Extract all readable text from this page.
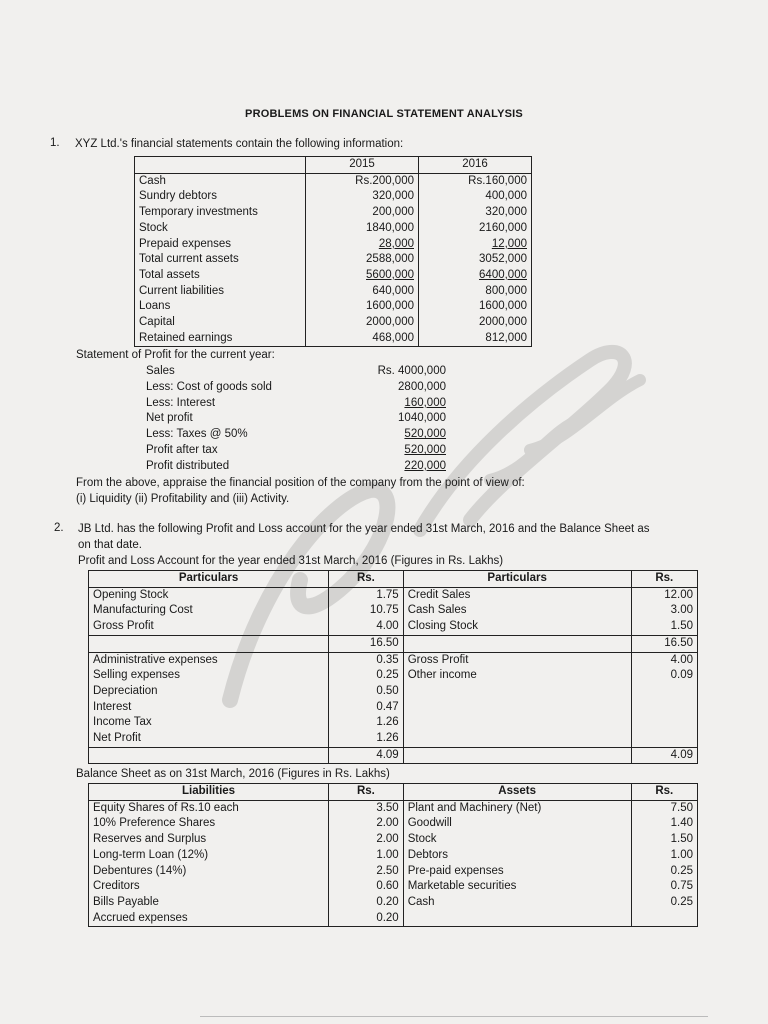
PROBLEMS ON FINANCIAL STATEMENT ANALYSIS
1. XYZ Ltd.'s financial statements contain the following information:
	2015	2016
Cash	Rs.200,000	Rs.160,000
Sundry debtors	320,000	400,000
Temporary investments	200,000	320,000
Stock	1840,000	2160,000
Prepaid expenses	28,000	12,000
Total current assets	2588,000	3052,000
Total assets	5600,000	6400,000
Current liabilities	640,000	800,000
Loans	1600,000	1600,000
Capital	2000,000	2000,000
Retained earnings	468,000	812,000
Statement of Profit for the current year:
Sales	Rs. 4000,000
Less: Cost of goods sold	2800,000
Less: Interest	160,000
Net profit	1040,000
Less: Taxes @ 50%	520,000
Profit after tax	520,000
Profit distributed	220,000
From the above, appraise the financial position of the company from the point of view of:
(i) Liquidity (ii) Profitability and (iii) Activity.
2. JB Ltd. has the following Profit and Loss account for the year ended 31st March, 2016 and the Balance Sheet as
on that date.
Profit and Loss Account for the year ended 31st March, 2016 (Figures in Rs. Lakhs)
Particulars	Rs.	Particulars	Rs.
Opening Stock	1.75	Credit Sales	12.00
Manufacturing Cost	10.75	Cash Sales	3.00
Gross Profit	4.00	Closing Stock	1.50
	16.50		16.50
Administrative expenses	0.35	Gross Profit	4.00
Selling expenses	0.25	Other income	0.09
Depreciation	0.50		
Interest	0.47		
Income Tax	1.26		
Net Profit	1.26		
	4.09		4.09
Balance Sheet as on 31st March, 2016 (Figures in Rs. Lakhs)
Liabilities	Rs.	Assets	Rs.
Equity Shares of Rs.10 each	3.50	Plant and Machinery (Net)	7.50
10% Preference Shares	2.00	Goodwill	1.40
Reserves and Surplus	2.00	Stock	1.50
Long-term Loan (12%)	1.00	Debtors	1.00
Debentures (14%)	2.50	Pre-paid expenses	0.25
Creditors	0.60	Marketable securities	0.75
Bills Payable	0.20	Cash	0.25
Accrued expenses	0.20		
